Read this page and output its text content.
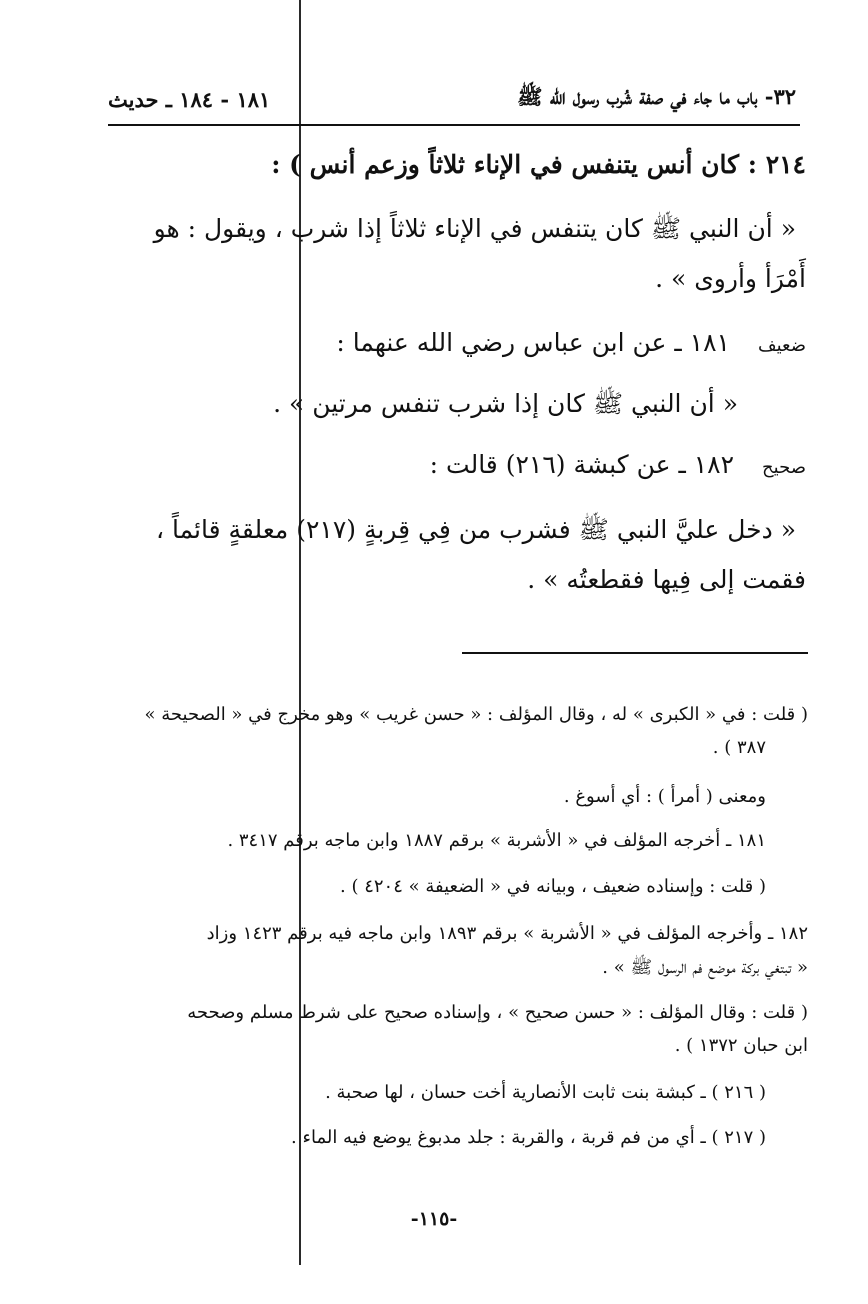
٣٢- باب ما جاء في صفة شُرب رسول الله ﷺ
١٨١ - ١٨٤ ـ حديث
٢١٤ : كان أنس يتنفس في الإناء ثلاثاً وزعم أنس ) :
« أن النبي ﷺ كان يتنفس في الإناء ثلاثاً إذا شرب ، ويقول : هو
أَمْرَأ وأروى » .
ضعيف١٨١ ـ عن ابن عباس رضي الله عنهما :
« أن النبي ﷺ كان إذا شرب تنفس مرتين » .
صحيح١٨٢ ـ عن كبشة (٢١٦) قالت :
« دخل عليَّ النبي ﷺ فشرب من فِي قِربةٍ (٢١٧) معلقةٍ قائماً ،
فقمت إلى فِيها فقطعتُه » .
( قلت : في « الكبرى » له ، وقال المؤلف : « حسن غريب » وهو مخرج في « الصحيحة »
٣٨٧ ) .
ومعنى ( أمرأ ) : أي أسوغ .
١٨١ ـ أخرجه المؤلف في « الأشربة » برقم ١٨٨٧ وابن ماجه برقم ٣٤١٧ .
( قلت : وإسناده ضعيف ، وبيانه في « الضعيفة » ٤٢٠٤ ) .
١٨٢ ـ وأخرجه المؤلف في « الأشربة » برقم ١٨٩٣ وابن ماجه فيه برقم ١٤٢٣ وزاد
« تبتغي بركة موضع فم الرسول ﷺ » .
( قلت : وقال المؤلف : « حسن صحيح » ، وإسناده صحيح على شرط مسلم وصححه
ابن حبان ١٣٧٢ ) .
( ٢١٦ ) ـ كبشة بنت ثابت الأنصارية أخت حسان ، لها صحبة .
( ٢١٧ ) ـ أي من فم قربة ، والقربة : جلد مدبوغ يوضع فيه الماء .
-١١٥-
